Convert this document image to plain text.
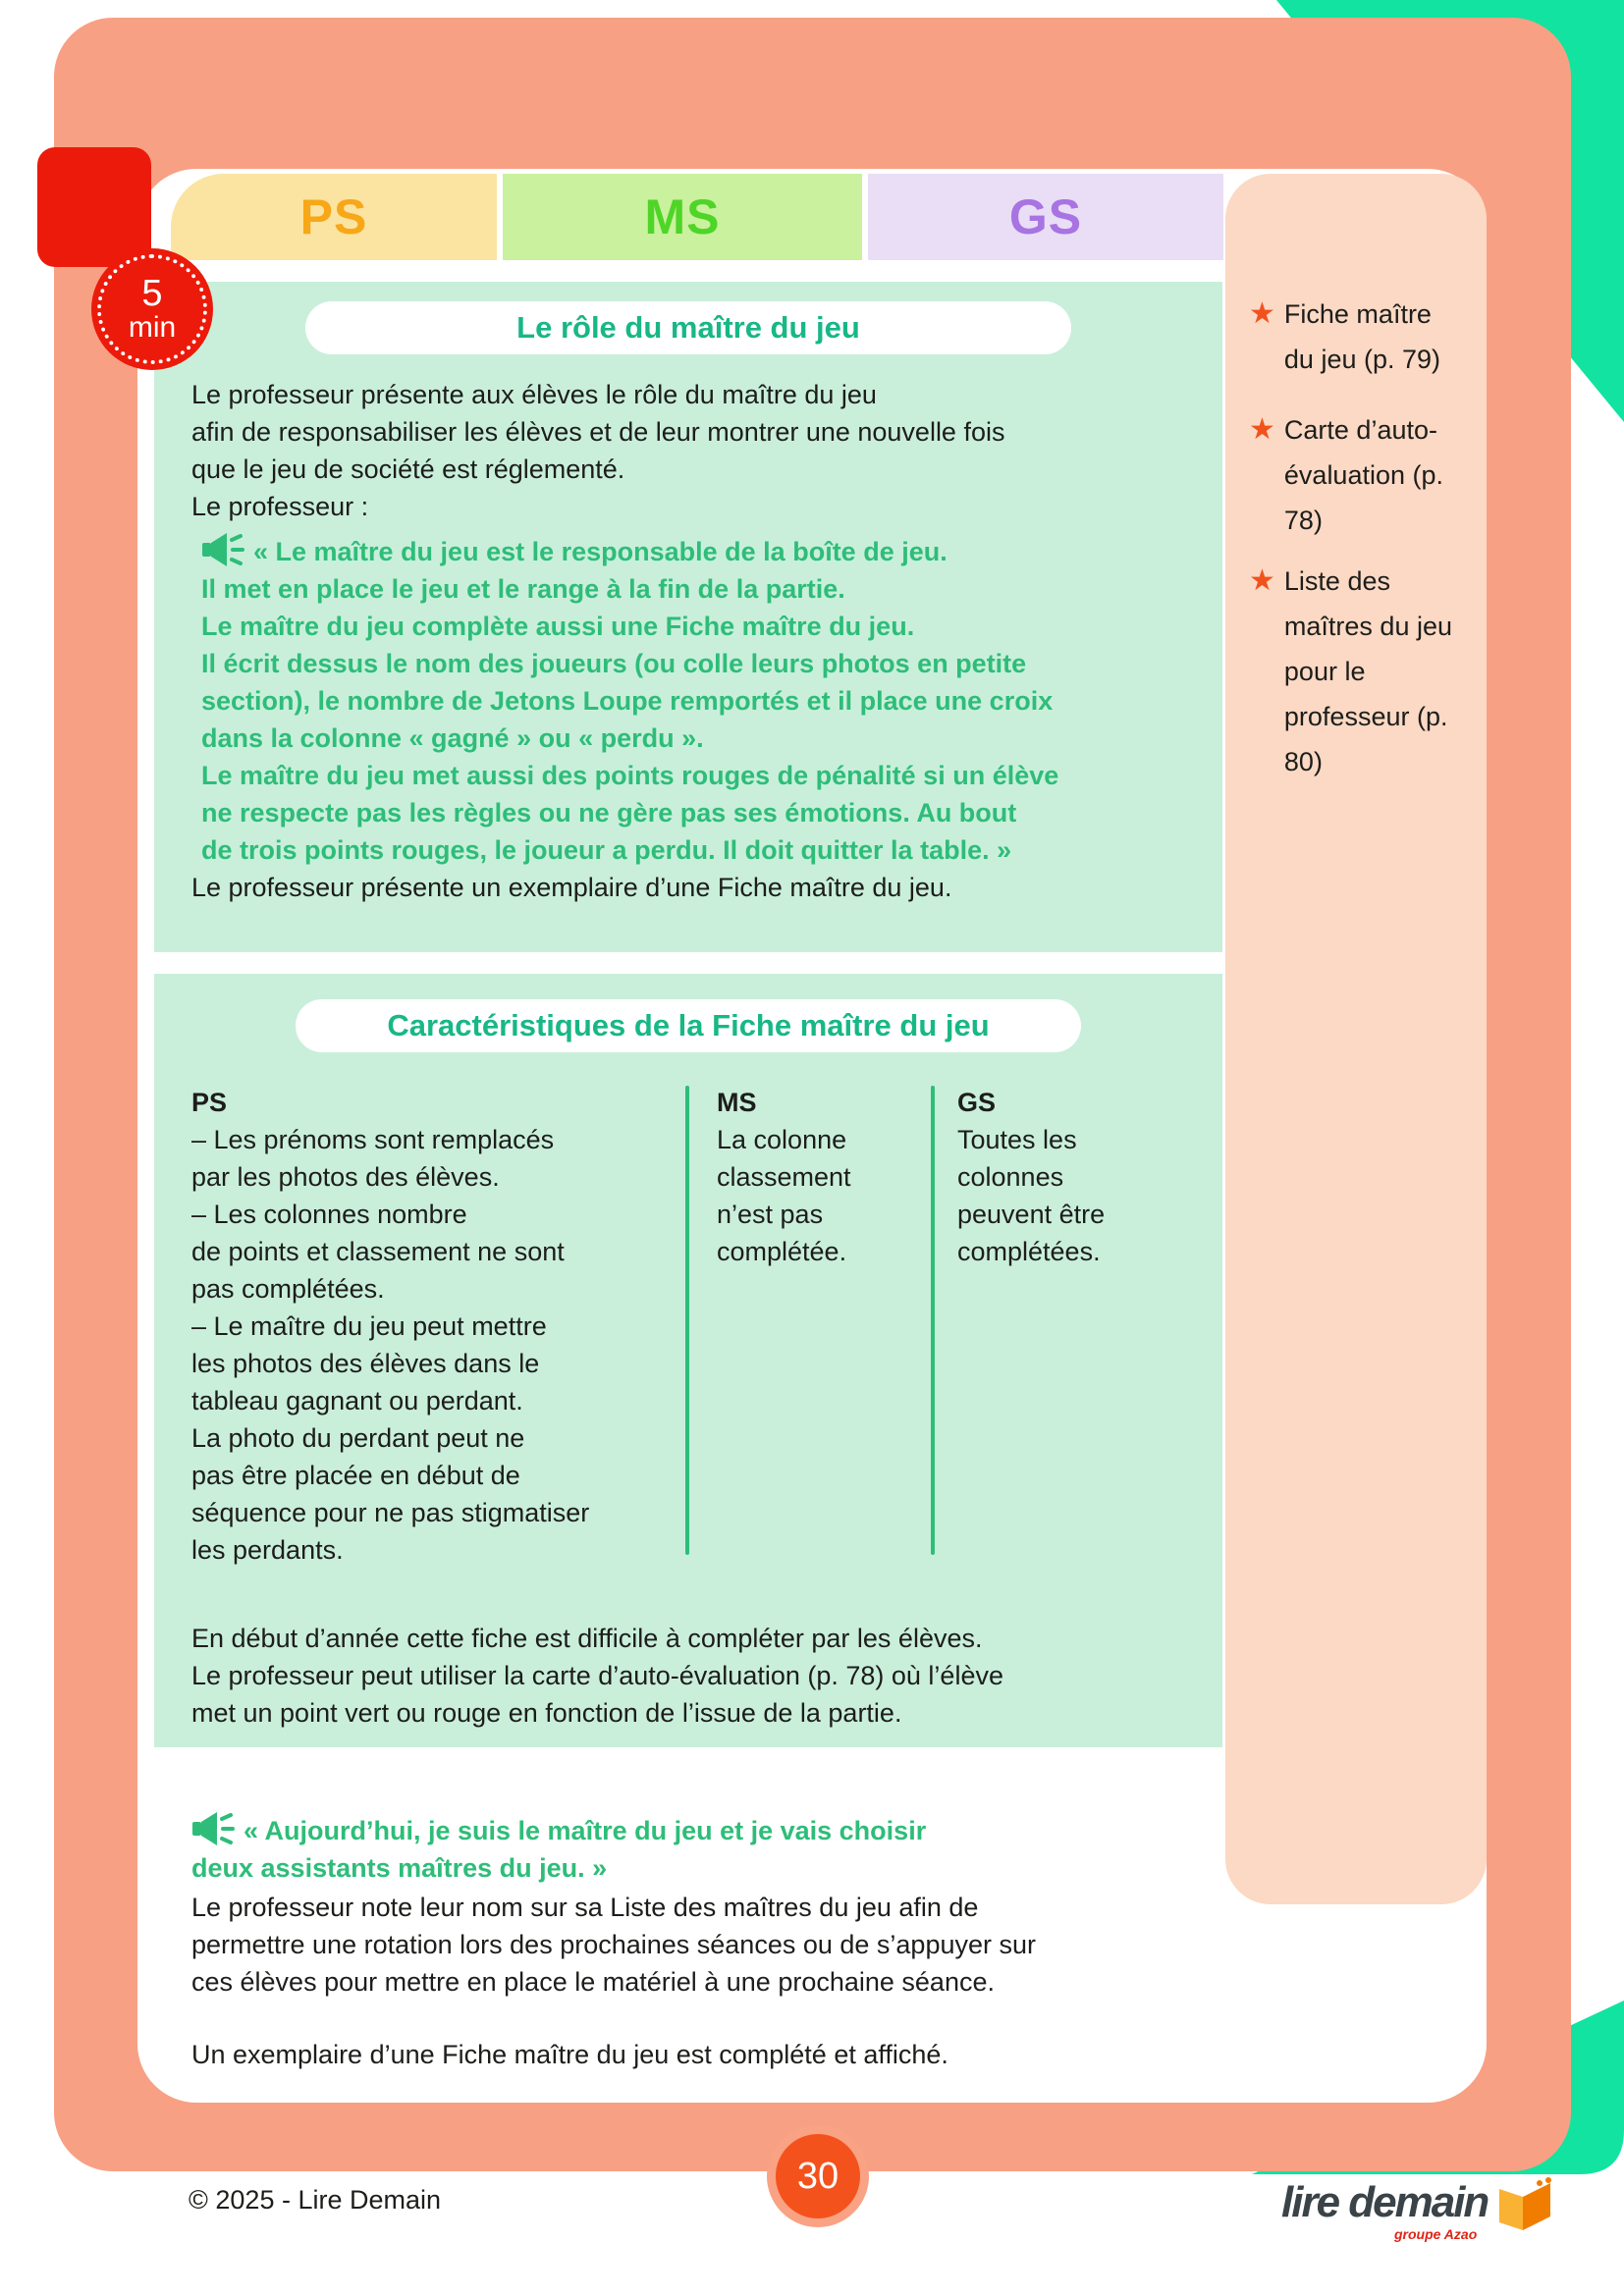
PS	MS	GS
★ Fiche maître du jeu (p. 79)
★ Carte d’auto-évaluation (p. 78)
★ Liste des maîtres du jeu pour le professeur (p. 80)
Le rôle du maître du jeu
Le professeur présente aux élèves le rôle du maître du jeu
afin de responsabiliser les élèves et de leur montrer une nouvelle fois
que le jeu de société est réglementé.
Le professeur :
« Le maître du jeu est le responsable de la boîte de jeu.
Il met en place le jeu et le range à la fin de la partie.
Le maître du jeu complète aussi une Fiche maître du jeu.
Il écrit dessus le nom des joueurs (ou colle leurs photos en petite
section), le nombre de Jetons Loupe remportés et il place une croix
dans la colonne « gagné » ou « perdu ».
Le maître du jeu met aussi des points rouges de pénalité si un élève
ne respecte pas les règles ou ne gère pas ses émotions. Au bout
de trois points rouges, le joueur a perdu. Il doit quitter la table. »
Le professeur présente un exemplaire d’une Fiche maître du jeu.
Caractéristiques de la Fiche maître du jeu
PS
– Les prénoms sont remplacés
par les photos des élèves.
– Les colonnes nombre
de points et classement ne sont
pas complétées.
– Le maître du jeu peut mettre
les photos des élèves dans le
tableau gagnant ou perdant.
La photo du perdant peut ne
pas être placée en début de
séquence pour ne pas stigmatiser
les perdants.
MS
La colonne
classement
n’est pas
complétée.
GS
Toutes les
colonnes
peuvent être
complétées.
En début d’année cette fiche est difficile à compléter par les élèves.
Le professeur peut utiliser la carte d’auto-évaluation (p. 78) où l’élève
met un point vert ou rouge en fonction de l’issue de la partie.
« Aujourd’hui, je suis le maître du jeu et je vais choisir
deux assistants maîtres du jeu. »
Le professeur note leur nom sur sa Liste des maîtres du jeu afin de
permettre une rotation lors des prochaines séances ou de s’appuyer sur
ces élèves pour mettre en place le matériel à une prochaine séance.
Un exemplaire d’une Fiche maître du jeu est complété et affiché.
5
min
30
© 2025 - Lire Demain	lire demain
groupe Azao
